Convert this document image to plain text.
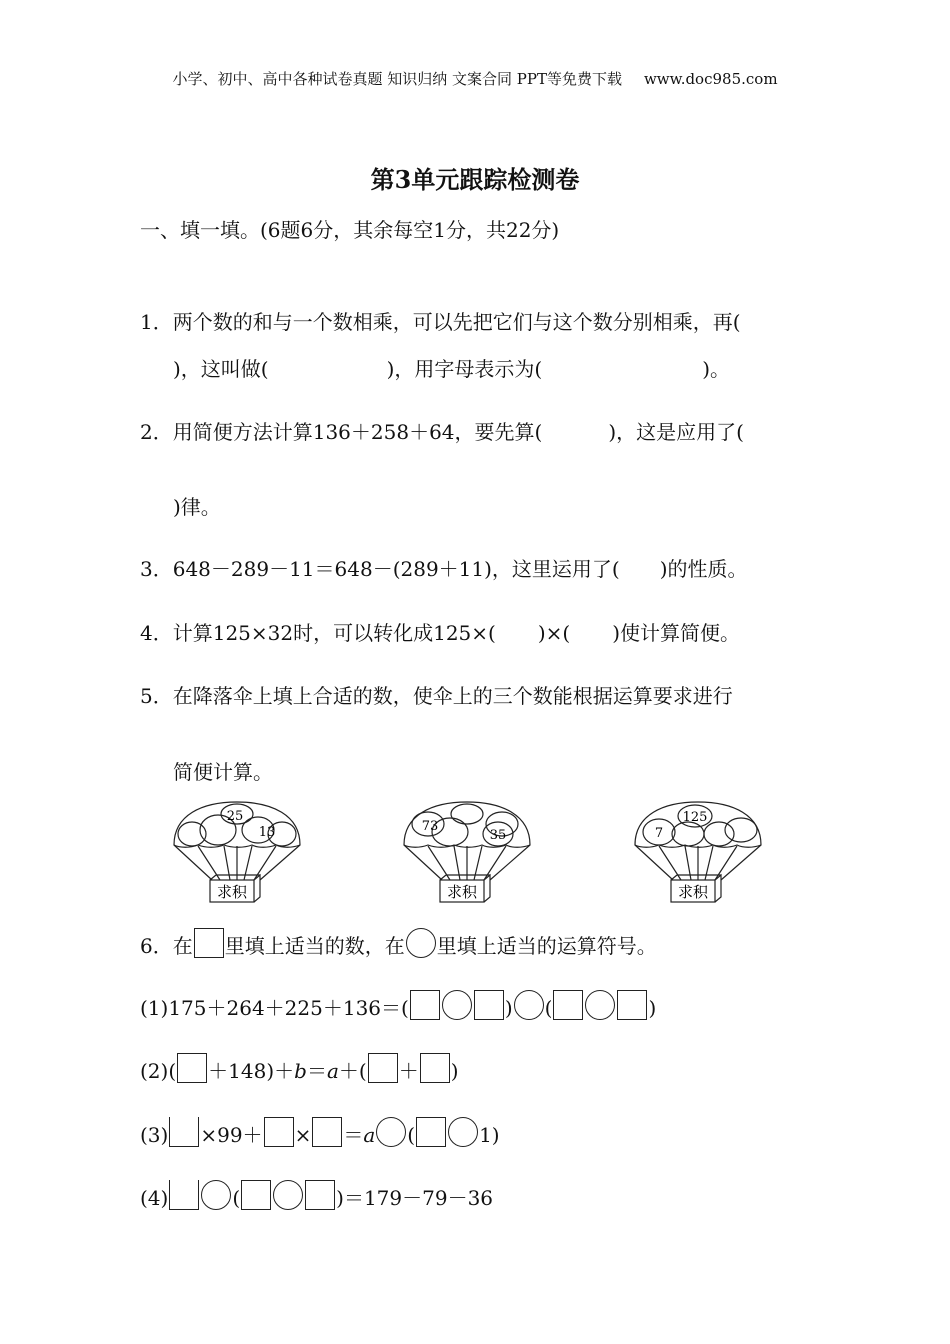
小学、初中、高中各种试卷真题 知识归纳 文案合同 PPT等免费下载 www.doc985.com
第3单元跟踪检测卷
一、填一填。(6题6分，其余每空1分，共22分)
1．两个数的和与一个数相乘，可以先把它们与这个数分别相乘，再(
)，这叫做(	)，用字母表示为(	)。
2．用简便方法计算136＋258＋64，要先算(	)，这是应用了(
)律。
3．648－289－11＝648－(289＋11)，这里运用了( )的性质。
4．计算125×32时，可以转化成125×( )×( )使计算简便。
5．在降落伞上填上合适的数，使伞上的三个数能根据运算要求进行
简便计算。
25
13
求积
73
35
求积
7
125
求积
6．在 里填上适当的数，在 里填上适当的运算符号。
(1)175＋264＋225＋136＝(	) (	)
(2)( ＋148)＋b＝a＋( ＋ )
(3) ×99＋ × ＝a (	1)
(4)	(	)＝179－79－36
